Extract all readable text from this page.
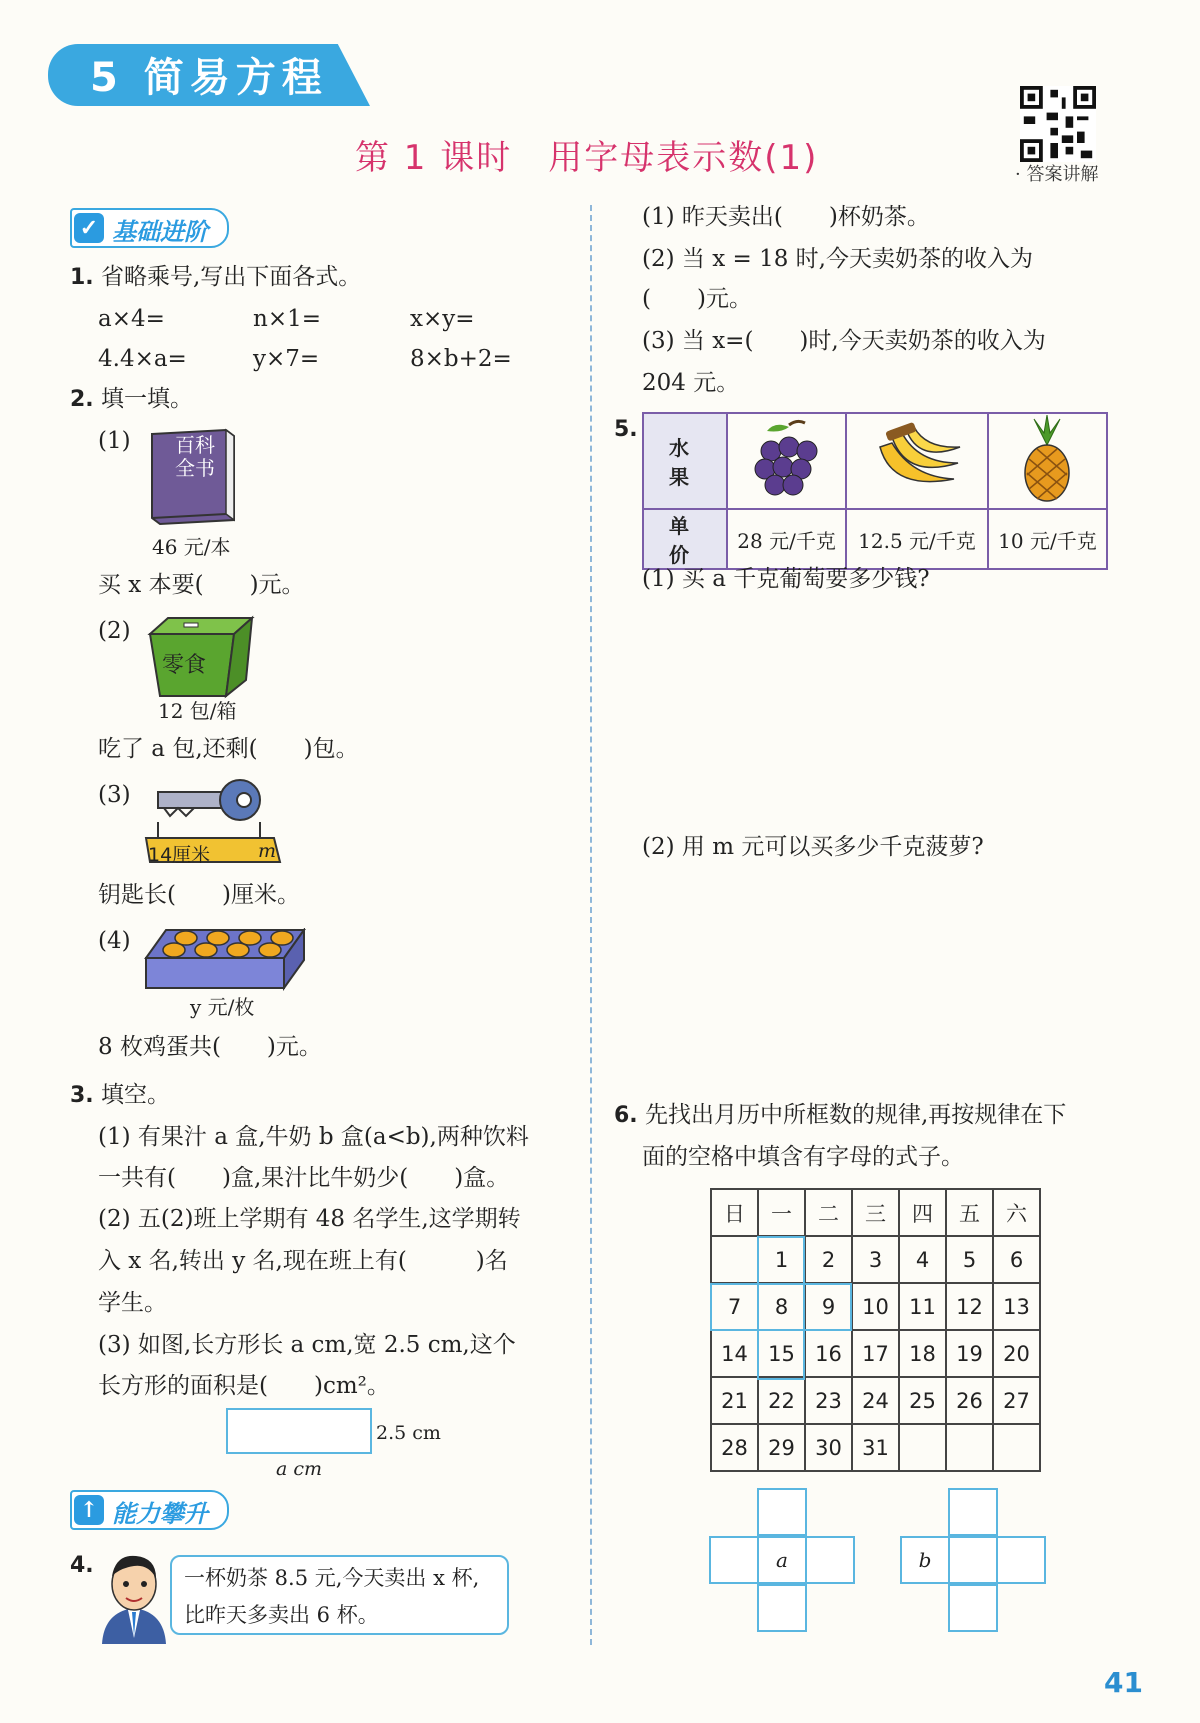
5 简易方程
第 1 课时　用字母表示数(1)	· 答案讲解
✓ 基础进阶
1. 省略乘号,写出下面各式。
a×4=	n×1=	x×y=
4.4×a=	y×7=	8×b+2=
2. 填一填。
(1) 百科全书
46 元/本
买 x 本要(　　)元。
(2)
零食
12 包/箱
吃了 a 包,还剩(　　)包。
(3)
14厘米	m
钥匙长(　　)厘米。
(4)
y 元/枚
8 枚鸡蛋共(　　)元。
3. 填空。
(1) 有果汁 a 盒,牛奶 b 盒(a<b),两种饮料
一共有(　　)盒,果汁比牛奶少(　　)盒。
(2) 五(2)班上学期有 48 名学生,这学期转
入 x 名,转出 y 名,现在班上有(　　　)名
学生。
(3) 如图,长方形长 a cm,宽 2.5 cm,这个
长方形的面积是(　　)cm²。
2.5 cm
a cm
↑ 能力攀升
4.	一杯奶茶 8.5 元,今天卖出 x 杯,
比昨天多卖出 6 杯。
(1) 昨天卖出(　　)杯奶茶。
(2) 当 x = 18 时,今天卖奶茶的收入为
(　　)元。
(3) 当 x=(　　)时,今天卖奶茶的收入为
204 元。
5.
水 果			
单 价	28 元/千克	12.5 元/千克	10 元/千克
(1) 买 a 千克葡萄要多少钱?
(2) 用 m 元可以买多少千克菠萝?
6. 先找出月历中所框数的规律,再按规律在下
面的空格中填含有字母的式子。
日	一	二	三	四	五	六
	1	2	3	4	5	6
7	8	9	10	11	12	13
14	15	16	17	18	19	20
21	22	23	24	25	26	27
28	29	30	31			
a	b
41
